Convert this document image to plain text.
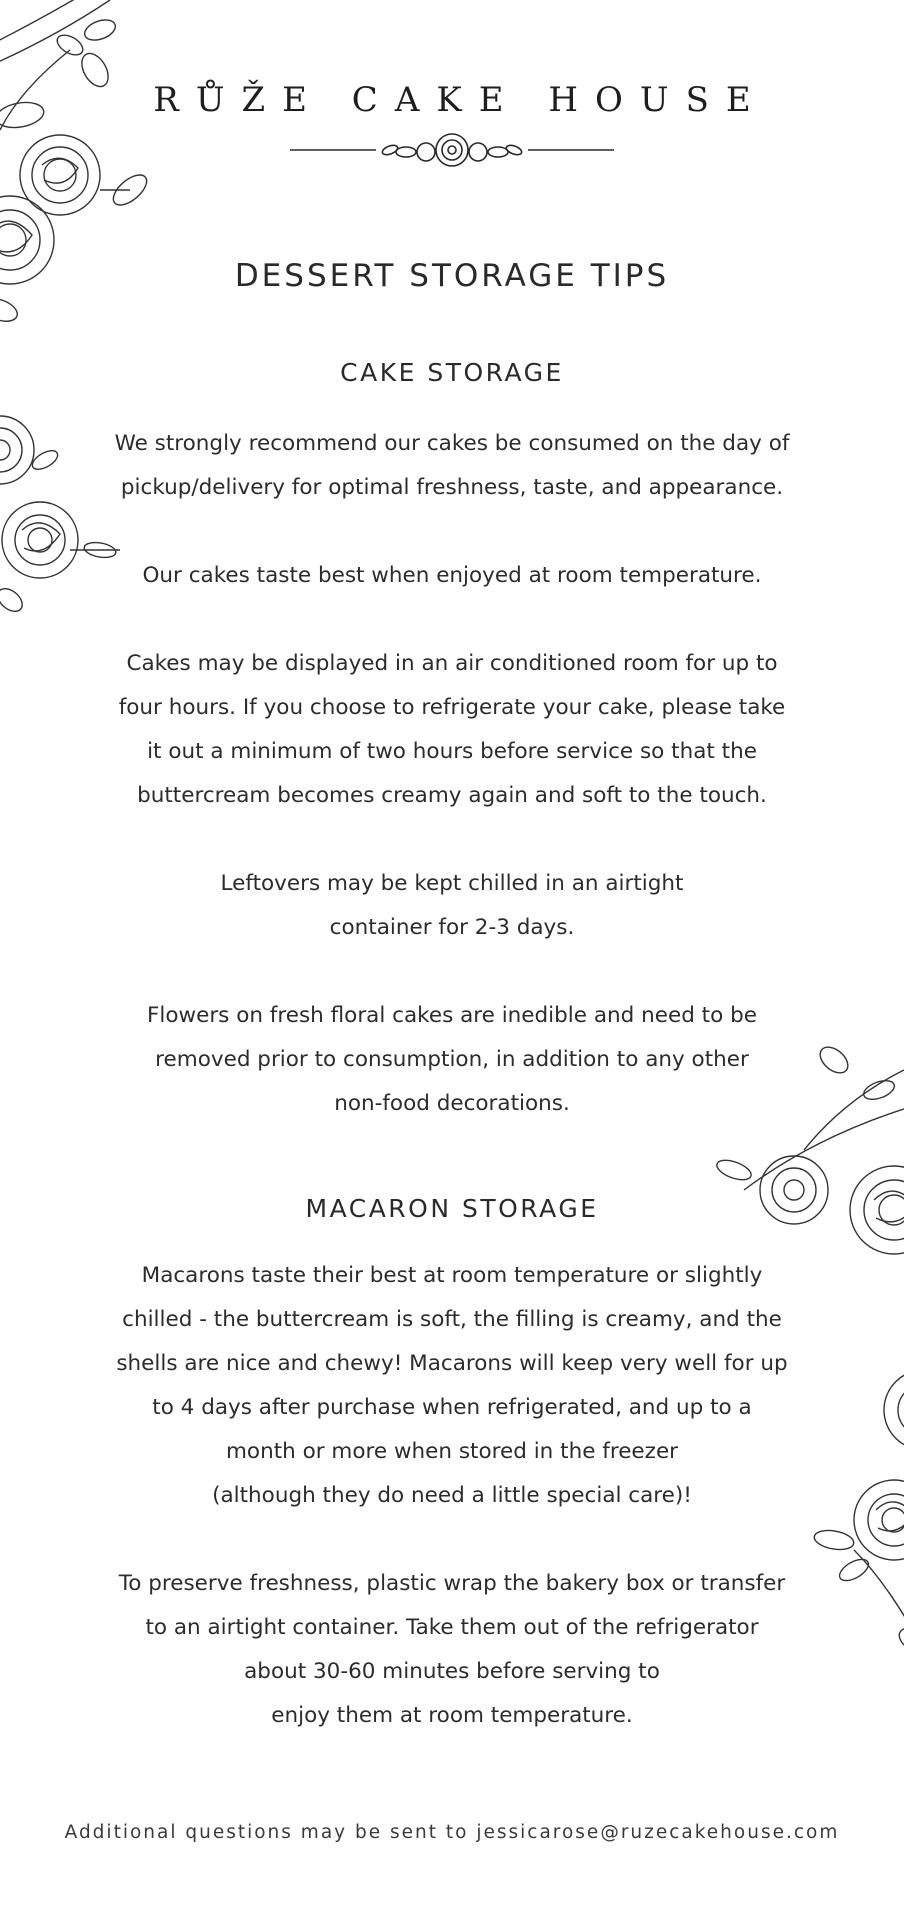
RŮŽE CAKE HOUSE
DESSERT STORAGE TIPS
CAKE STORAGE
We strongly recommend our cakes be consumed on the day of
pickup/delivery for optimal freshness, taste, and appearance.
Our cakes taste best when enjoyed at room temperature.
Cakes may be displayed in an air conditioned room for up to
four hours. If you choose to refrigerate your cake, please take
it out a minimum of two hours before service so that the
buttercream becomes creamy again and soft to the touch.
Leftovers may be kept chilled in an airtight
container for 2-3 days.
Flowers on fresh floral cakes are inedible and need to be
removed prior to consumption, in addition to any other
non-food decorations.
MACARON STORAGE
Macarons taste their best at room temperature or slightly
chilled - the buttercream is soft, the filling is creamy, and the
shells are nice and chewy! Macarons will keep very well for up
to 4 days after purchase when refrigerated, and up to a
month or more when stored in the freezer
(although they do need a little special care)!
To preserve freshness, plastic wrap the bakery box or transfer
to an airtight container. Take them out of the refrigerator
about 30-60 minutes before serving to
enjoy them at room temperature.
Additional questions may be sent to jessicarose@ruzecakehouse.com
